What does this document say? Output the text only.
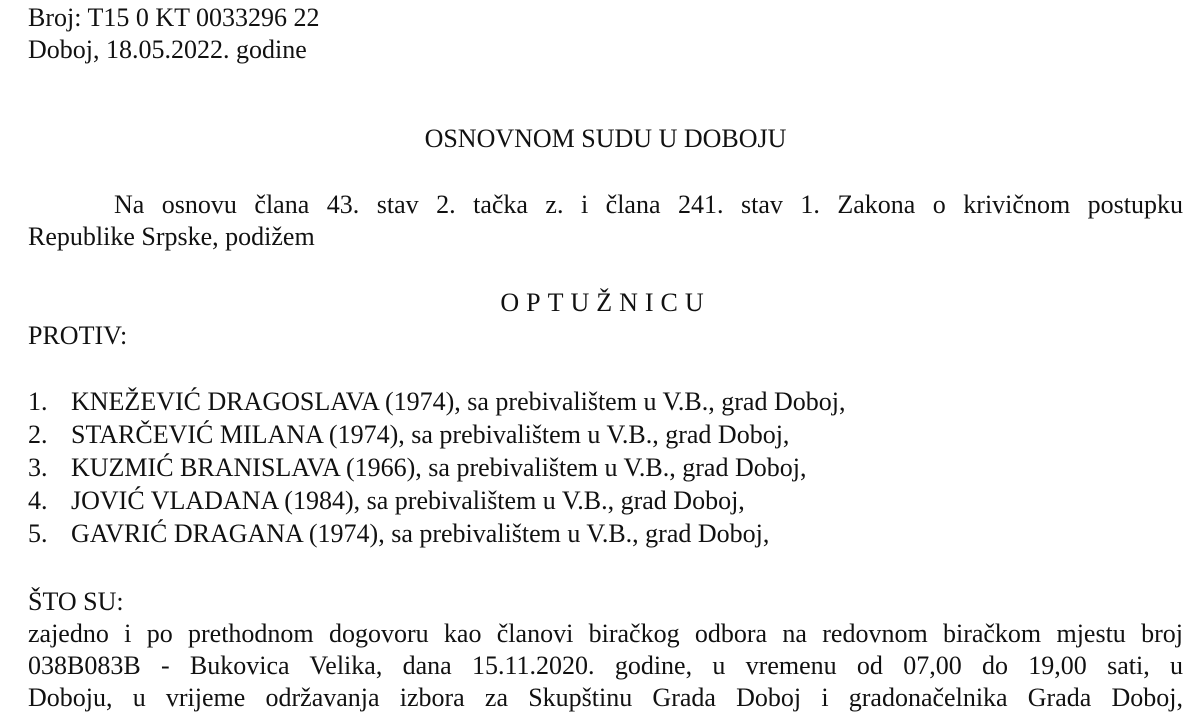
Broj: T15 0 KT 0033296 22
Doboj, 18.05.2022. godine
OSNOVNOM SUDU U DOBOJU
Na osnovu člana 43. stav 2. tačka z. i člana 241. stav 1. Zakona o krivičnom postupku
Republike Srpske, podižem
OPTUŽNICU
PROTIV:
1. KNEŽEVIĆ DRAGOSLAVA (1974), sa prebivalištem u V.B., grad Doboj,
2. STARČEVIĆ MILANA (1974), sa prebivalištem u V.B., grad Doboj,
3. KUZMIĆ BRANISLAVA (1966), sa prebivalištem u V.B., grad Doboj,
4. JOVIĆ VLADANA (1984), sa prebivalištem u V.B., grad Doboj,
5. GAVRIĆ DRAGANA (1974), sa prebivalištem u V.B., grad Doboj,
ŠTO SU:
zajedno i po prethodnom dogovoru kao članovi biračkog odbora na redovnom biračkom mjestu broj
038B083B - Bukovica Velika, dana 15.11.2020. godine, u vremenu od 07,00 do 19,00 sati, u
Doboju, u vrijeme održavanja izbora za Skupštinu Grada Doboj i gradonačelnika Grada Doboj,
